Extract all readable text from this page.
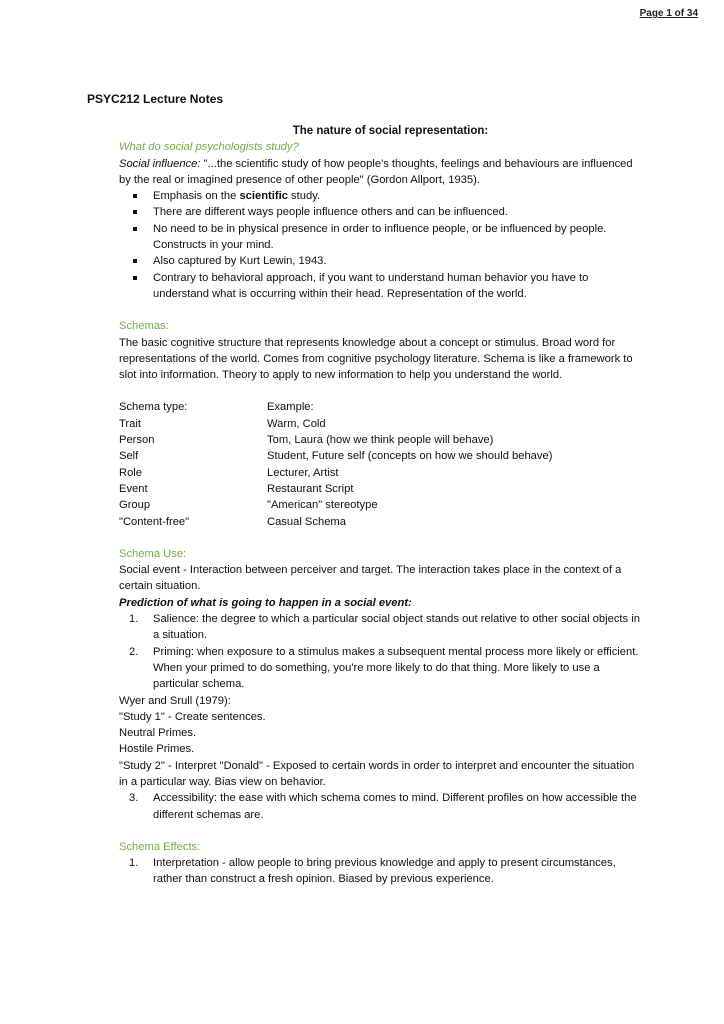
Page 1 of 34
PSYC212 Lecture Notes

The nature of social representation:

What do social psychologists study?

Social influence: "...the scientific study of how people's thoughts, feelings and behaviours are influenced by the real or imagined presence of other people" (Gordon Allport, 1935).

Emphasis on the scientific study.
There are different ways people influence others and can be influenced.
No need to be in physical presence in order to influence people, or be influenced by people. Constructs in your mind.
Also captured by Kurt Lewin, 1943.
Contrary to behavioral approach, if you want to understand human behavior you have to understand what is occurring within their head. Representation of the world.

Schemas:

The basic cognitive structure that represents knowledge about a concept or stimulus. Broad word for representations of the world. Comes from cognitive psychology literature. Schema is like a framework to slot into information. Theory to apply to new information to help you understand the world.

Schema type:	Example:
Trait	Warm, Cold
Person	Tom, Laura (how we think people will behave)
Self	Student, Future self (concepts on how we should behave)
Role	Lecturer, Artist
Event	Restaurant Script
Group	"American" stereotype
"Content-free"	Casual Schema

Schema Use:

Social event - Interaction between perceiver and target. The interaction takes place in the context of a certain situation.

Prediction of what is going to happen in a social event:

1. Salience: the degree to which a particular social object stands out relative to other social objects in a situation.
2. Priming: when exposure to a stimulus makes a subsequent mental process more likely or efficient. When your primed to do something, you're more likely to do that thing. More likely to use a particular schema.

Wyer and Srull (1979):

"Study 1" - Create sentences.

Neutral Primes.

Hostile Primes.

"Study 2" - Interpret "Donald" - Exposed to certain words in order to interpret and encounter the situation in a particular way. Bias view on behavior.

3. Accessibility: the ease with which schema comes to mind. Different profiles on how accessible the different schemas are.

Schema Effects:

1. Interpretation - allow people to bring previous knowledge and apply to present circumstances, rather than construct a fresh opinion. Biased by previous experience.
